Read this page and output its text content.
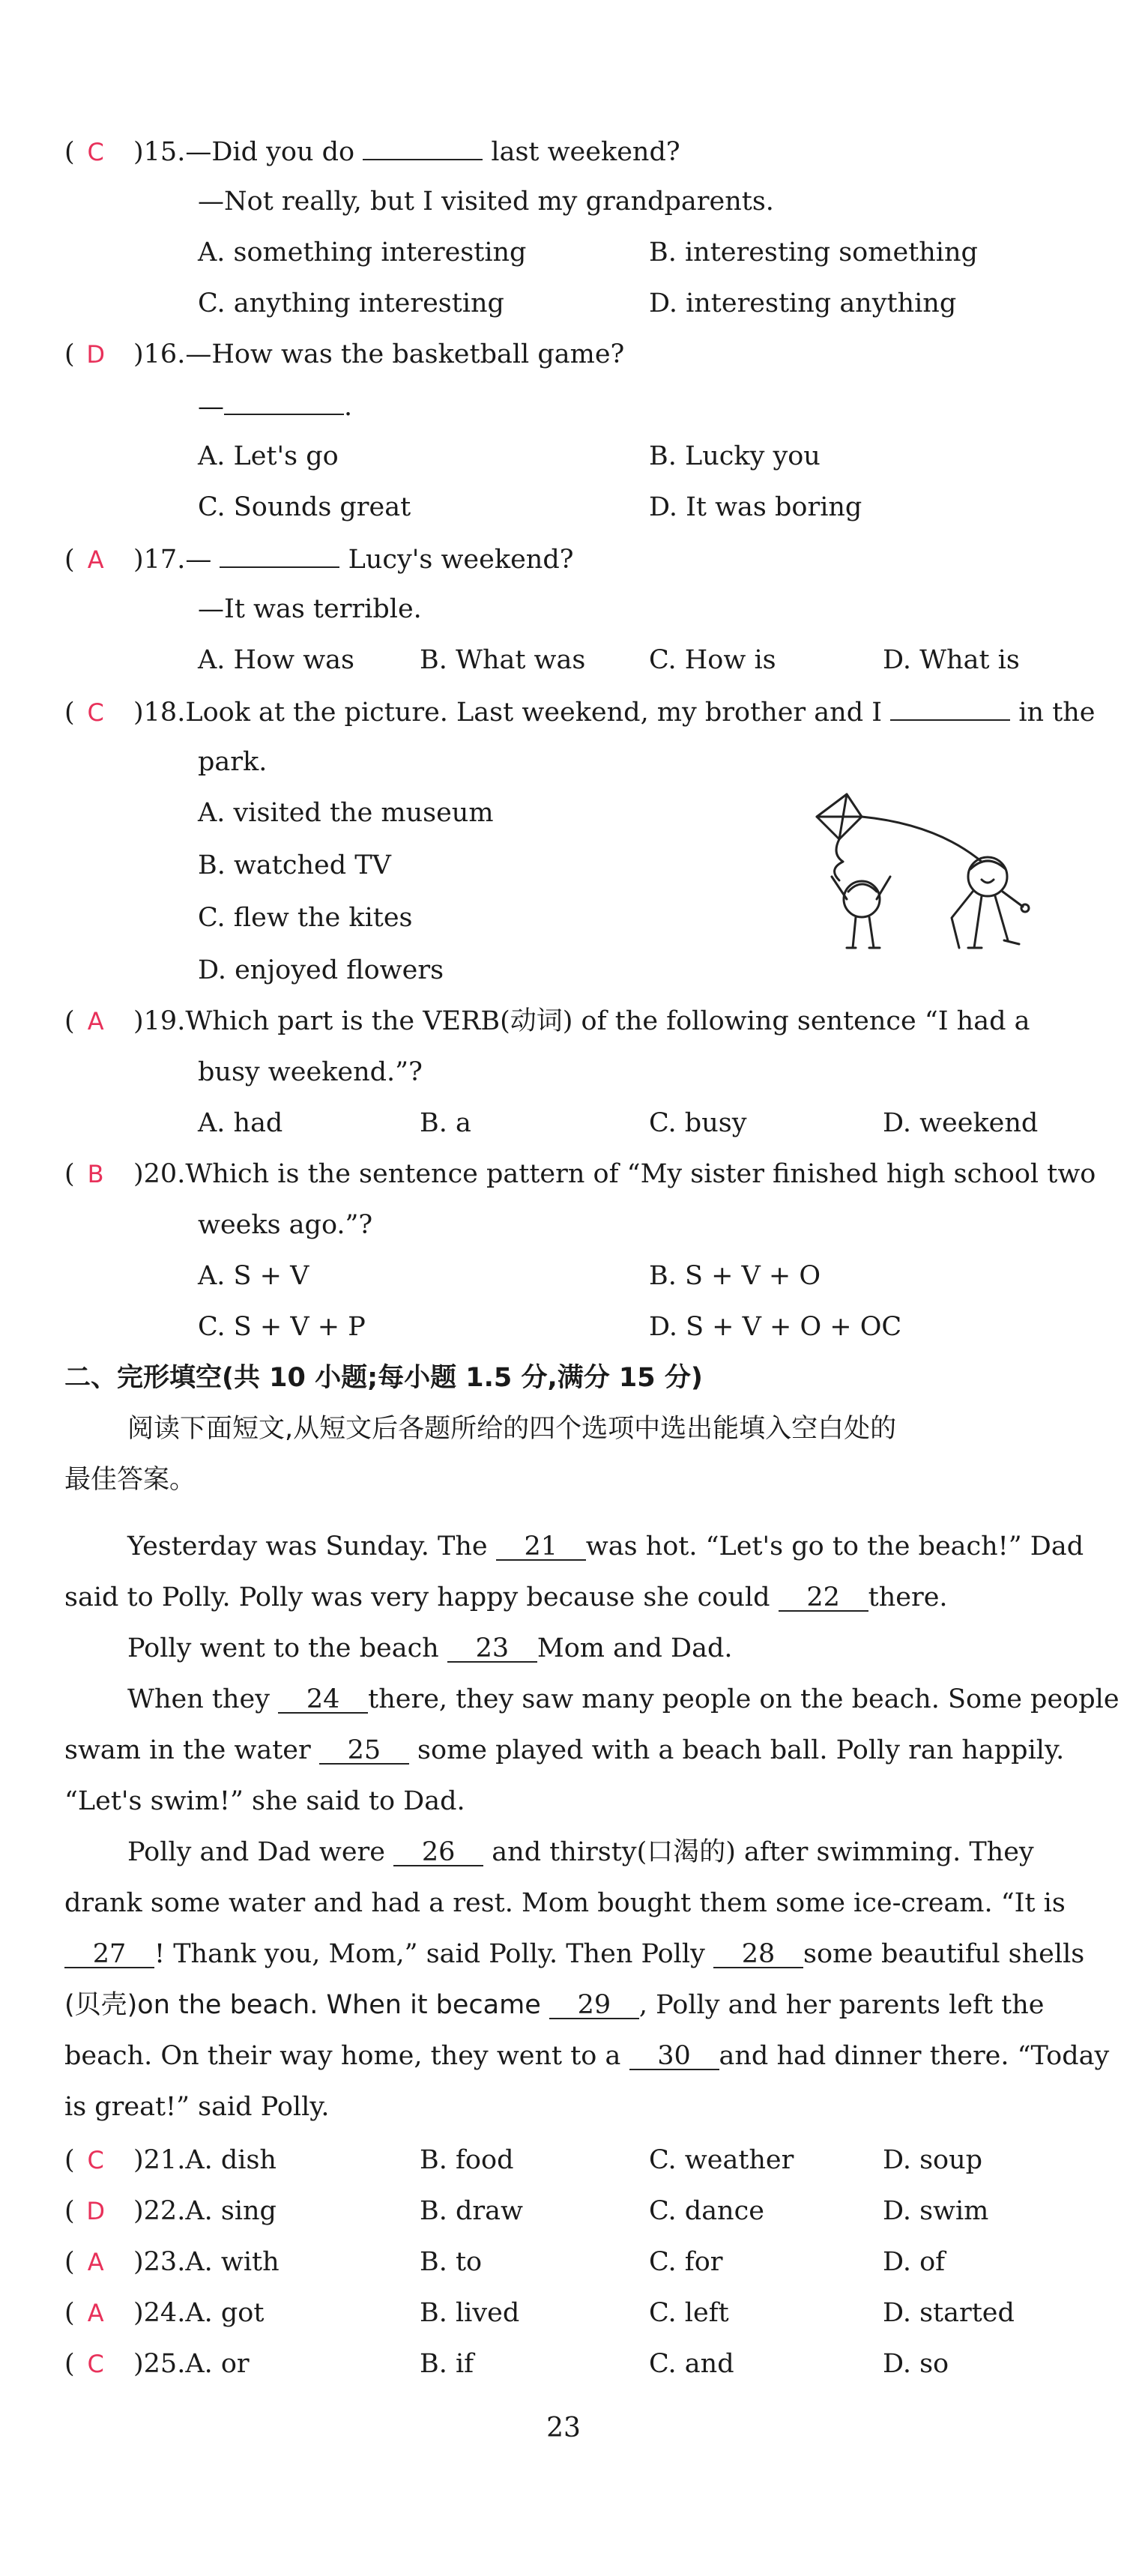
( C )15.—Did you do	last weekend?
—Not really, but I visited my grandparents.
A. something interesting	B. interesting something
C. anything interesting	D. interesting anything
( D )16.—How was the basketball game?
—	.
A. Let's go	B. Lucky you
C. Sounds great	D. It was boring
( A )17.—	Lucy's weekend?
—It was terrible.
A. How was B. What was C. How is	D. What is
( C )18.Look at the picture. Last weekend, my brother and I	in the
park.
A. visited the museum
B. watched TV
C. flew the kites
D. enjoyed flowers
( A )19.Which part is the VERB(动词) of the following sentence “I had a
busy weekend.”?
A. had	B. a	C. busy	D. weekend
( B )20.Which is the sentence pattern of “My sister finished high school two
weeks ago.”?
A. S + V	B. S + V + O
C. S + V + P	D. S + V + O + OC
二、完形填空(共 10 小题;每小题 1.5 分,满分 15 分)
阅读下面短文,从短文后各题所给的四个选项中选出能填入空白处的
最佳答案。
Yesterday was Sunday. The 21 was hot. “Let's go to the beach!” Dad
said to Polly. Polly was very happy because she could 22 there.
Polly went to the beach 23 Mom and Dad.
When they 24 there, they saw many people on the beach. Some people
swam in the water 25 some played with a beach ball. Polly ran happily.
“Let's swim!” she said to Dad.
Polly and Dad were 26 and thirsty(口渴的) after swimming. They
drank some water and had a rest. Mom bought them some ice-cream. “It is
27 ! Thank you, Mom,” said Polly. Then Polly 28 some beautiful shells
(贝壳)on the beach. When it became 29 , Polly and her parents left the
beach. On their way home, they went to a 30 and had dinner there. “Today
is great!” said Polly.
( C )21.A. dish	B. food	C. weather	D. soup
( D )22.A. sing	B. draw	C. dance	D. swim
( A )23.A. with	B. to	C. for	D. of
( A )24.A. got	B. lived	C. left	D. started
( C )25.A. or	B. if	C. and	D. so
23
